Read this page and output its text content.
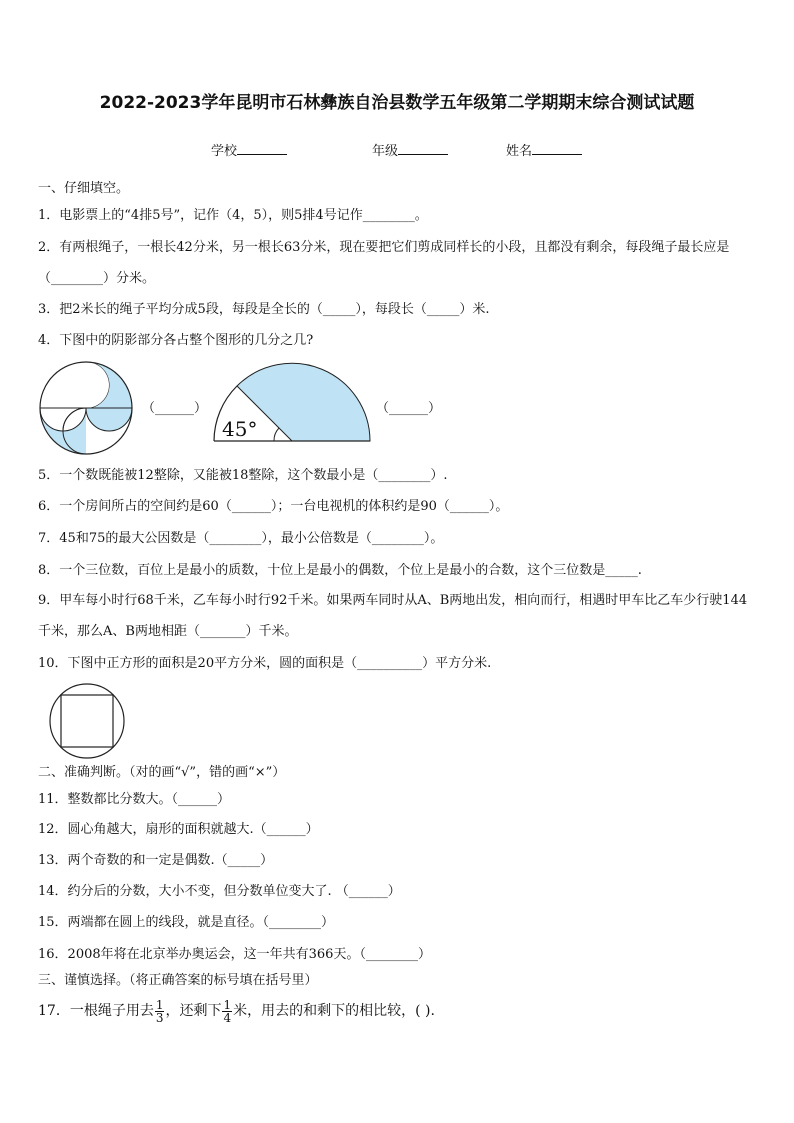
2022-2023学年昆明市石林彝族自治县数学五年级第二学期期末综合测试试题
学校	年级	姓名
一、仔细填空。
1．电影票上的“4排5号”，记作（4，5），则5排4号记作________。
2．有两根绳子，一根长42分米，另一根长63分米，现在要把它们剪成同样长的小段，且都没有剩余，每段绳子最长应是（________）分米。
3．把2米长的绳子平均分成5段，每段是全长的（_____），每段长（_____）米.
4．下图中的阴影部分各占整个图形的几分之几?
（______）
45°
（______）
5．一个数既能被12整除，又能被18整除，这个数最小是（________）.
6．一个房间所占的空间约是60（______）；一台电视机的体积约是90（______）。
7．45和75的最大公因数是（________），最小公倍数是（________）。
8．一个三位数，百位上是最小的质数，十位上是最小的偶数，个位上是最小的合数，这个三位数是_____.
9．甲车每小时行68千米，乙车每小时行92千米。如果两车同时从A、B两地出发，相向而行，相遇时甲车比乙车少行驶144千米，那么A、B两地相距（_______）千米。
10．下图中正方形的面积是20平方分米，圆的面积是（__________）平方分米.
二、准确判断。（对的画“√”，错的画“×”）
11．整数都比分数大。（______）
12．圆心角越大，扇形的面积就越大.（______）
13．两个奇数的和一定是偶数.（_____）
14．约分后的分数，大小不变，但分数单位变大了. （______）
15．两端都在圆上的线段，就是直径。（________）
16．2008年将在北京举办奥运会，这一年共有366天。（________）
三、谨慎选择。（将正确答案的标号填在括号里）
17．一根绳子用去 $\frac{1}{3}$ ，还剩下 $\frac{1}{4}$ 米，用去的和剩下的相比较，( ).
